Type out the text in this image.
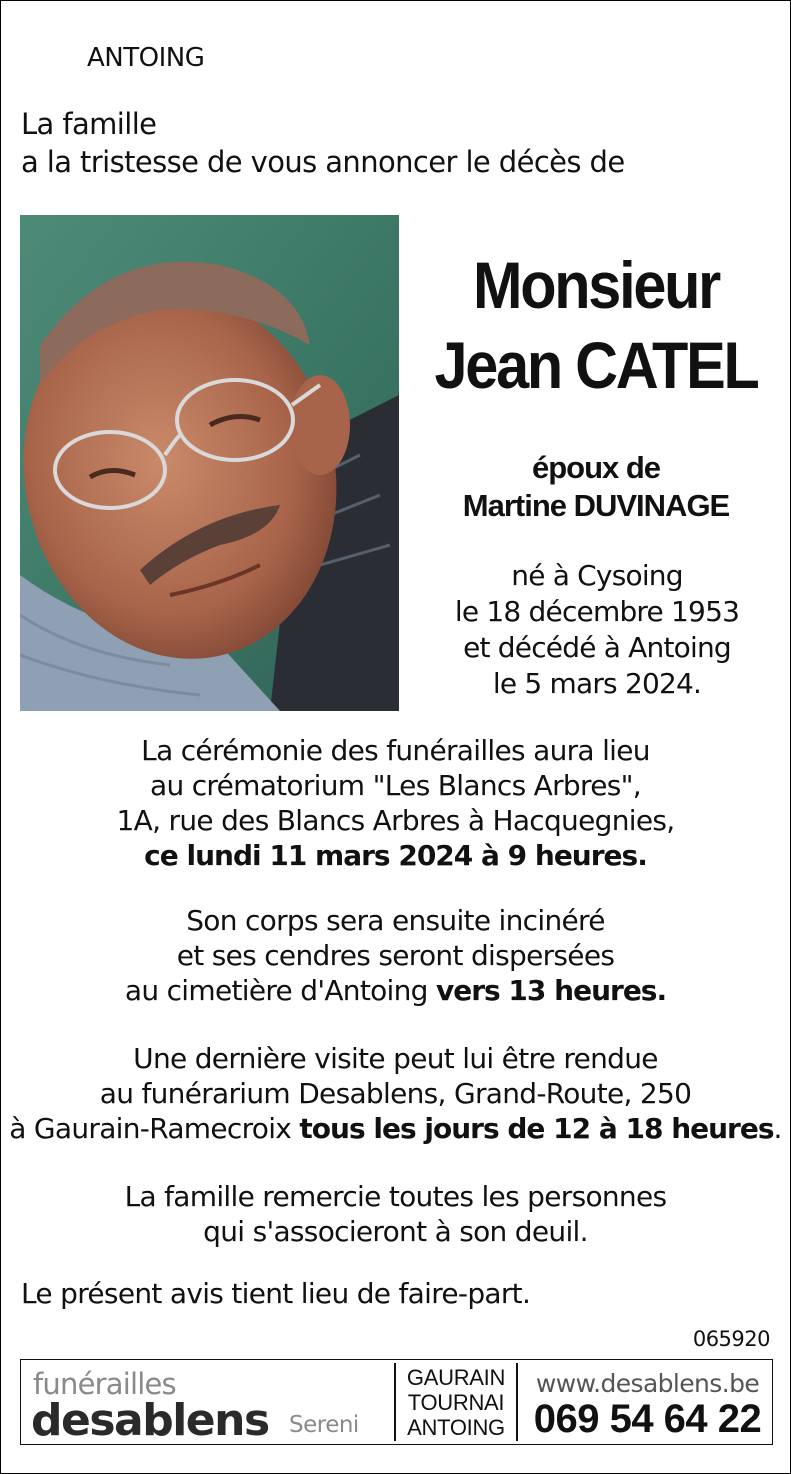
ANTOING
La famille
a la tristesse de vous annoncer le décès de
Monsieur
Jean CATEL
époux de
Martine DUVINAGE
né à Cysoing
le 18 décembre 1953
et décédé à Antoing
le 5 mars 2024.
La cérémonie des funérailles aura lieu
au crématorium "Les Blancs Arbres",
1A, rue des Blancs Arbres à Hacquegnies,
ce lundi 11 mars 2024 à 9 heures.
Son corps sera ensuite incinéré
et ses cendres seront dispersées
au cimetière d'Antoing vers 13 heures.
Une dernière visite peut lui être rendue
au funérarium Desablens, Grand-Route, 250
à Gaurain-Ramecroix tous les jours de 12 à 18 heures.
La famille remercie toutes les personnes
qui s'associeront à son deuil.
Le présent avis tient lieu de faire-part.
065920
funérailles
desablens Sereni
GAURAIN
TOURNAI
ANTOING
www.desablens.be
069 54 64 22
